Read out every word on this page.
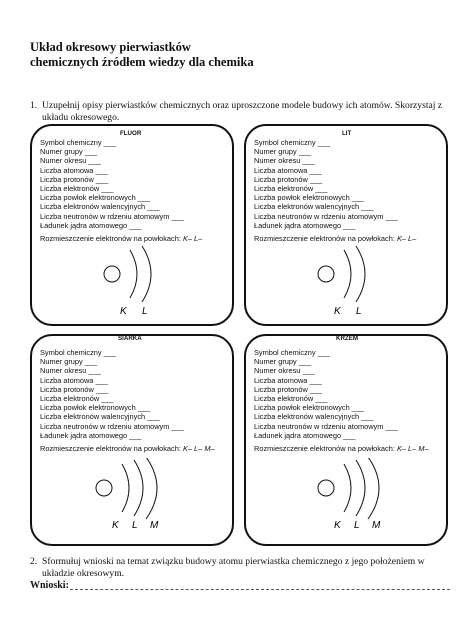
Układ okresowy pierwiastków
chemicznych źródłem wiedzy dla chemika
1. Uzupełnij opisy pierwiastków chemicznych oraz uproszczone modele budowy ich atomów. Skorzystaj z układu okresowego.
FLUOR
Symbol chemiczny ___
Numer grupy ___
Numer okresu ___
Liczba atomowa ___
Liczba protonów ___
Liczba elektronów ___
Liczba powłok elektronowych ___
Liczba elektronów walencyjnych ___
Liczba neutronów w rdzeniu atomowym ___
Ładunek jądra atomowego ___
Rozmieszczenie elektronów na powłokach: K– L–
K L
LIT
Symbol chemiczny ___
Numer grupy ___
Numer okresu ___
Liczba atomowa ___
Liczba protonów ___
Liczba elektronów ___
Liczba powłok elektronowych ___
Liczba elektronów walencyjnych ___
Liczba neutronów w rdzeniu atomowym ___
Ładunek jądra atomowego ___
Rozmieszczenie elektronów na powłokach: K– L–
K L
SIARKA
Symbol chemiczny ___
Numer grupy ___
Numer okresu ___
Liczba atomowa ___
Liczba protonów ___
Liczba elektronów ___
Liczba powłok elektronowych ___
Liczba elektronów walencyjnych ___
Liczba neutronów w rdzeniu atomowym ___
Ładunek jądra atomowego ___
Rozmieszczenie elektronów na powłokach: K– L– M–
K L M
KRZEM
Symbol chemiczny ___
Numer grupy ___
Numer okresu ___
Liczba atomowa ___
Liczba protonów ___
Liczba elektronów ___
Liczba powłok elektronowych ___
Liczba elektronów walencyjnych ___
Liczba neutronów w rdzeniu atomowym ___
Ładunek jądra atomowego ___
Rozmieszczenie elektronów na powłokach: K– L– M–
K L M
2. Sformułuj wnioski na temat związku budowy atomu pierwiastka chemicznego z jego położeniem w układzie okresowym.
Wnioski:
